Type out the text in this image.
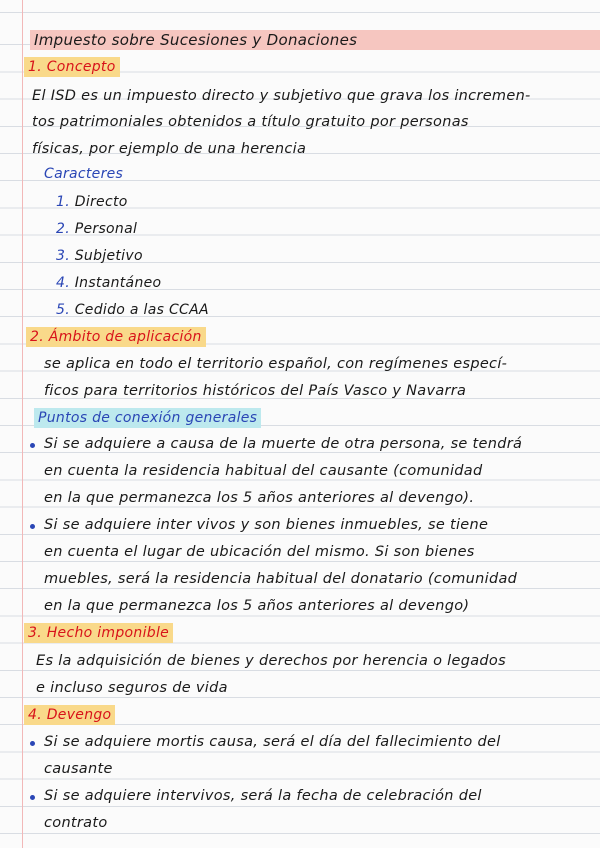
Impuesto sobre Sucesiones y Donaciones
1. Concepto
El ISD es un impuesto directo y subjetivo que grava los incremen-
tos patrimoniales obtenidos a título gratuito por personas
físicas, por ejemplo de una herencia
Caracteres
1. Directo
2. Personal
3. Subjetivo
4. Instantáneo
5. Cedido a las CCAA
2. Ámbito de aplicación
se aplica en todo el territorio español, con regímenes especí-
ficos para territorios históricos del País Vasco y Navarra
Puntos de conexión generales
Si se adquiere a causa de la muerte de otra persona, se tendrá
en cuenta la residencia habitual del causante (comunidad
en la que permanezca los 5 años anteriores al devengo).
Si se adquiere inter vivos y son bienes inmuebles, se tiene
en cuenta el lugar de ubicación del mismo. Si son bienes
muebles, será la residencia habitual del donatario (comunidad
en la que permanezca los 5 años anteriores al devengo)
3. Hecho imponible
Es la adquisición de bienes y derechos por herencia o legados
e incluso seguros de vida
4. Devengo
Si se adquiere mortis causa, será el día del fallecimiento del
causante
Si se adquiere intervivos, será la fecha de celebración del
contrato
